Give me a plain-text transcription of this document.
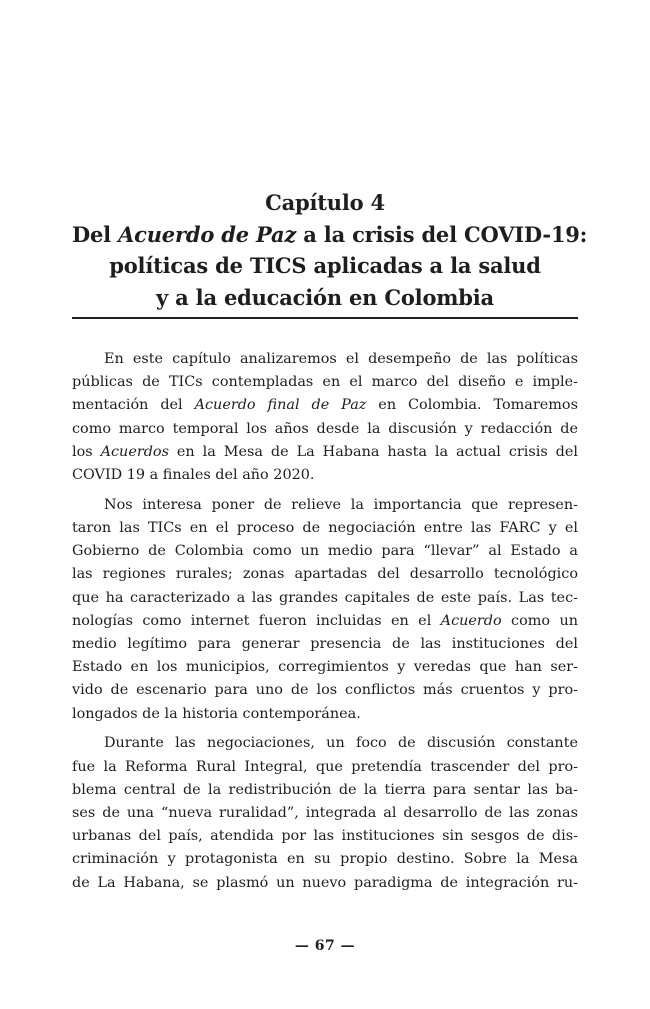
Capítulo 4
Del Acuerdo de Paz a la crisis del COVID-19:
políticas de TICS aplicadas a la salud
y a la educación en Colombia
En este capítulo analizaremos el desempeño de las políticas
públicas de TICs contempladas en el marco del diseño e imple-
mentación del Acuerdo final de Paz en Colombia. Tomaremos
como marco temporal los años desde la discusión y redacción de
los Acuerdos en la Mesa de La Habana hasta la actual crisis del
COVID 19 a finales del año 2020.
Nos interesa poner de relieve la importancia que represen-
taron las TICs en el proceso de negociación entre las FARC y el
Gobierno de Colombia como un medio para “llevar” al Estado a
las regiones rurales; zonas apartadas del desarrollo tecnológico
que ha caracterizado a las grandes capitales de este país. Las tec-
nologías como internet fueron incluidas en el Acuerdo como un
medio legítimo para generar presencia de las instituciones del
Estado en los municipios, corregimientos y veredas que han ser-
vido de escenario para uno de los conflictos más cruentos y pro-
longados de la historia contemporánea.
Durante las negociaciones, un foco de discusión constante
fue la Reforma Rural Integral, que pretendía trascender del pro-
blema central de la redistribución de la tierra para sentar las ba-
ses de una “nueva ruralidad”, integrada al desarrollo de las zonas
urbanas del país, atendida por las instituciones sin sesgos de dis-
criminación y protagonista en su propio destino. Sobre la Mesa
de La Habana, se plasmó un nuevo paradigma de integración ru-
— 67 —
